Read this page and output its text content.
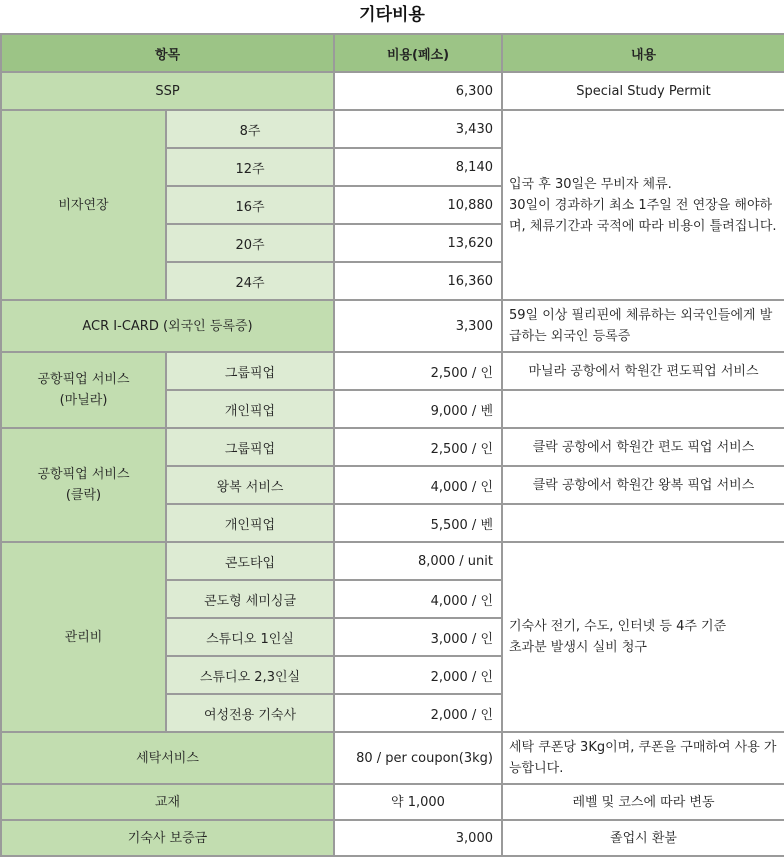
기타비용
항목		비용(페소)	내용
SSP		6,300	Special Study Permit
비자연장	8주	3,430	입국 후 30일은 무비자 체류.
30일이 경과하기 최소 1주일 전 연장을 해야하며, 체류기간과 국적에 따라 비용이 틀려집니다.
	12주	8,140	
	16주	10,880	
	20주	13,620	
	24주	16,360	
ACR I-CARD (외국인 등록증)		3,300	59일 이상 필리핀에 체류하는 외국인들에게 발급하는 외국인 등록증
공항픽업 서비스
(마닐라)	그룹픽업	2,500 / 인	마닐라 공항에서 학원간 편도픽업 서비스
	개인픽업	9,000 / 벤	
공항픽업 서비스
(클락)	그룹픽업	2,500 / 인	클락 공항에서 학원간 편도 픽업 서비스
	왕복 서비스	4,000 / 인	클락 공항에서 학원간 왕복 픽업 서비스
	개인픽업	5,500 / 벤	
관리비	콘도타입	8,000 / unit	기숙사 전기, 수도, 인터넷 등 4주 기준
초과분 발생시 실비 청구
	콘도형 세미싱글	4,000 / 인	
	스튜디오 1인실	3,000 / 인	
	스튜디오 2,3인실	2,000 / 인	
	여성전용 기숙사	2,000 / 인	
세탁서비스		80 / per coupon(3kg)	세탁 쿠폰당 3Kg이며, 쿠폰을 구매하여 사용 가능합니다.
교재		약 1,000	레벨 및 코스에 따라 변동
기숙사 보증금		3,000	졸업시 환불
